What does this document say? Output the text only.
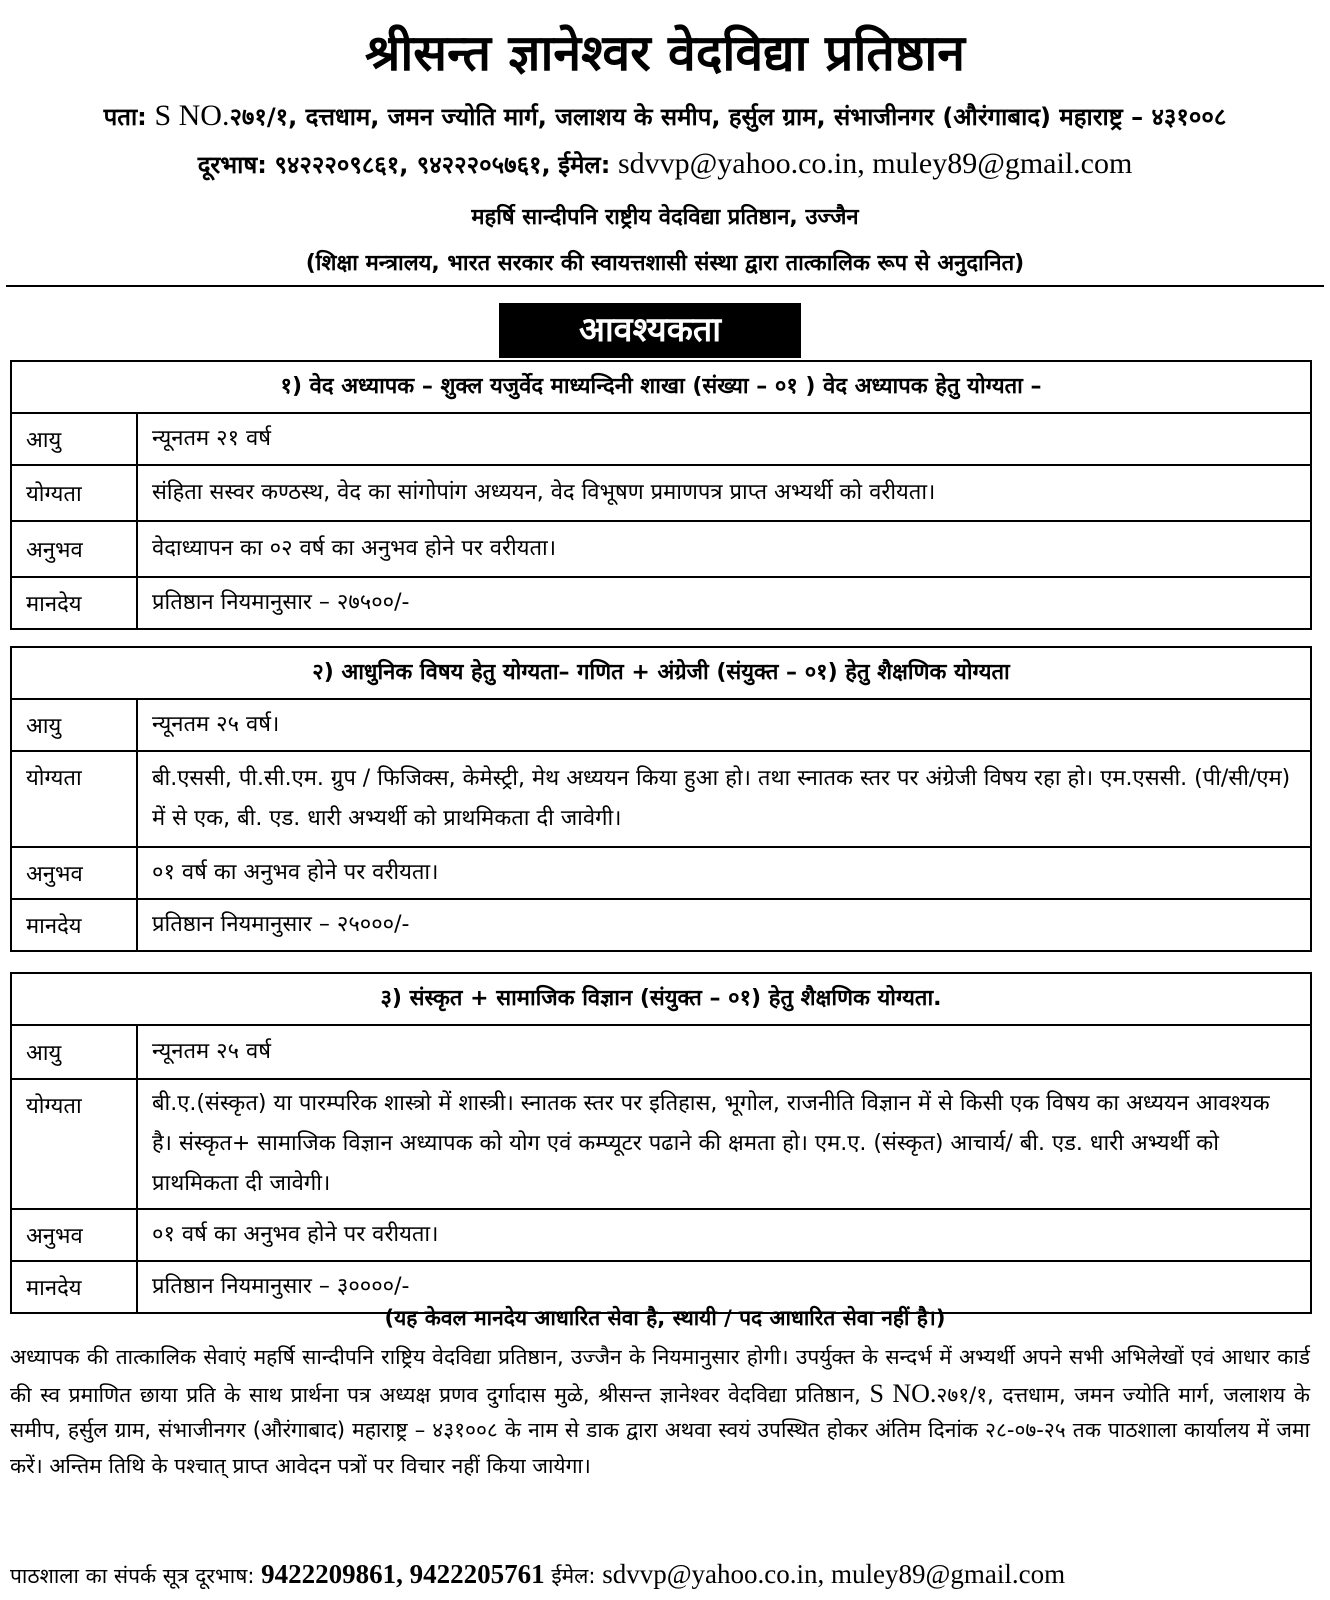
श्रीसन्त ज्ञानेश्वर वेदविद्या प्रतिष्ठान
पता: S NO.२७१/१, दत्तधाम, जमन ज्योति मार्ग, जलाशय के समीप, हर्सुल ग्राम, संभाजीनगर (औरंगाबाद) महाराष्ट्र – ४३१००८
दूरभाष: ९४२२२०९८६१, ९४२२२०५७६१, ईमेल: sdvvp@yahoo.co.in, muley89@gmail.com
महर्षि सान्दीपनि राष्ट्रीय वेदविद्या प्रतिष्ठान, उज्जैन
(शिक्षा मन्त्रालय, भारत सरकार की स्वायत्तशासी संस्था द्वारा तात्कालिक रूप से अनुदानित)
आवश्यकता
१) वेद अध्यापक – शुक्ल यजुर्वेद माध्यन्दिनी शाखा (संख्या – ०१ ) वेद अध्यापक हेतु योग्यता –
आयु	न्यूनतम २१ वर्ष
योग्यता	संहिता सस्वर कण्ठस्थ, वेद का सांगोपांग अध्ययन, वेद विभूषण प्रमाणपत्र प्राप्त अभ्यर्थी को वरीयता।
अनुभव	वेदाध्यापन का ०२ वर्ष का अनुभव होने पर वरीयता।
मानदेय	प्रतिष्ठान नियमानुसार – २७५००/-
२) आधुनिक विषय हेतु योग्यता– गणित + अंग्रेजी (संयुक्त – ०१) हेतु शैक्षणिक योग्यता
आयु	न्यूनतम २५ वर्ष।
योग्यता	बी.एससी, पी.सी.एम. ग्रुप / फिजिक्स, केमेस्ट्री, मेथ अध्ययन किया हुआ हो। तथा स्नातक स्तर पर अंग्रेजी विषय रहा हो। एम.एससी. (पी/सी/एम) में से एक, बी. एड. धारी अभ्यर्थी को प्राथमिकता दी जावेगी।
अनुभव	०१ वर्ष का अनुभव होने पर वरीयता।
मानदेय	प्रतिष्ठान नियमानुसार – २५०००/-
३) संस्कृत + सामाजिक विज्ञान (संयुक्त – ०१) हेतु शैक्षणिक योग्यता.
आयु	न्यूनतम २५ वर्ष
योग्यता	बी.ए.(संस्कृत) या पारम्परिक शास्त्रो में शास्त्री। स्नातक स्तर पर इतिहास, भूगोल, राजनीति विज्ञान में से किसी एक विषय का अध्ययन आवश्यक है। संस्कृत+ सामाजिक विज्ञान अध्यापक को योग एवं कम्प्यूटर पढाने की क्षमता हो। एम.ए. (संस्कृत) आचार्य/ बी. एड. धारी अभ्यर्थी को प्राथमिकता दी जावेगी।
अनुभव	०१ वर्ष का अनुभव होने पर वरीयता।
मानदेय	प्रतिष्ठान नियमानुसार – ३००००/-
(यह केवल मानदेय आधारित सेवा है, स्थायी / पद आधारित सेवा नहीं है।)
अध्यापक की तात्कालिक सेवाएं महर्षि सान्दीपनि राष्ट्रिय वेदविद्या प्रतिष्ठान, उज्जैन के नियमानुसार होगी। उपर्युक्त के सन्दर्भ में अभ्यर्थी अपने सभी अभिलेखों एवं आधार कार्ड की स्व प्रमाणित छाया प्रति के साथ प्रार्थना पत्र अध्यक्ष प्रणव दुर्गादास मुळे, श्रीसन्त ज्ञानेश्वर वेदविद्या प्रतिष्ठान, S NO.२७१/१, दत्तधाम, जमन ज्योति मार्ग, जलाशय के समीप, हर्सुल ग्राम, संभाजीनगर (औरंगाबाद) महाराष्ट्र – ४३१००८ के नाम से डाक द्वारा अथवा स्वयं उपस्थित होकर अंतिम दिनांक २८-०७-२५ तक पाठशाला कार्यालय में जमा करें। अन्तिम तिथि के पश्चात् प्राप्त आवेदन पत्रों पर विचार नहीं किया जायेगा।
पाठशाला का संपर्क सूत्र दूरभाष: 9422209861, 9422205761 ईमेल: sdvvp@yahoo.co.in, muley89@gmail.com
